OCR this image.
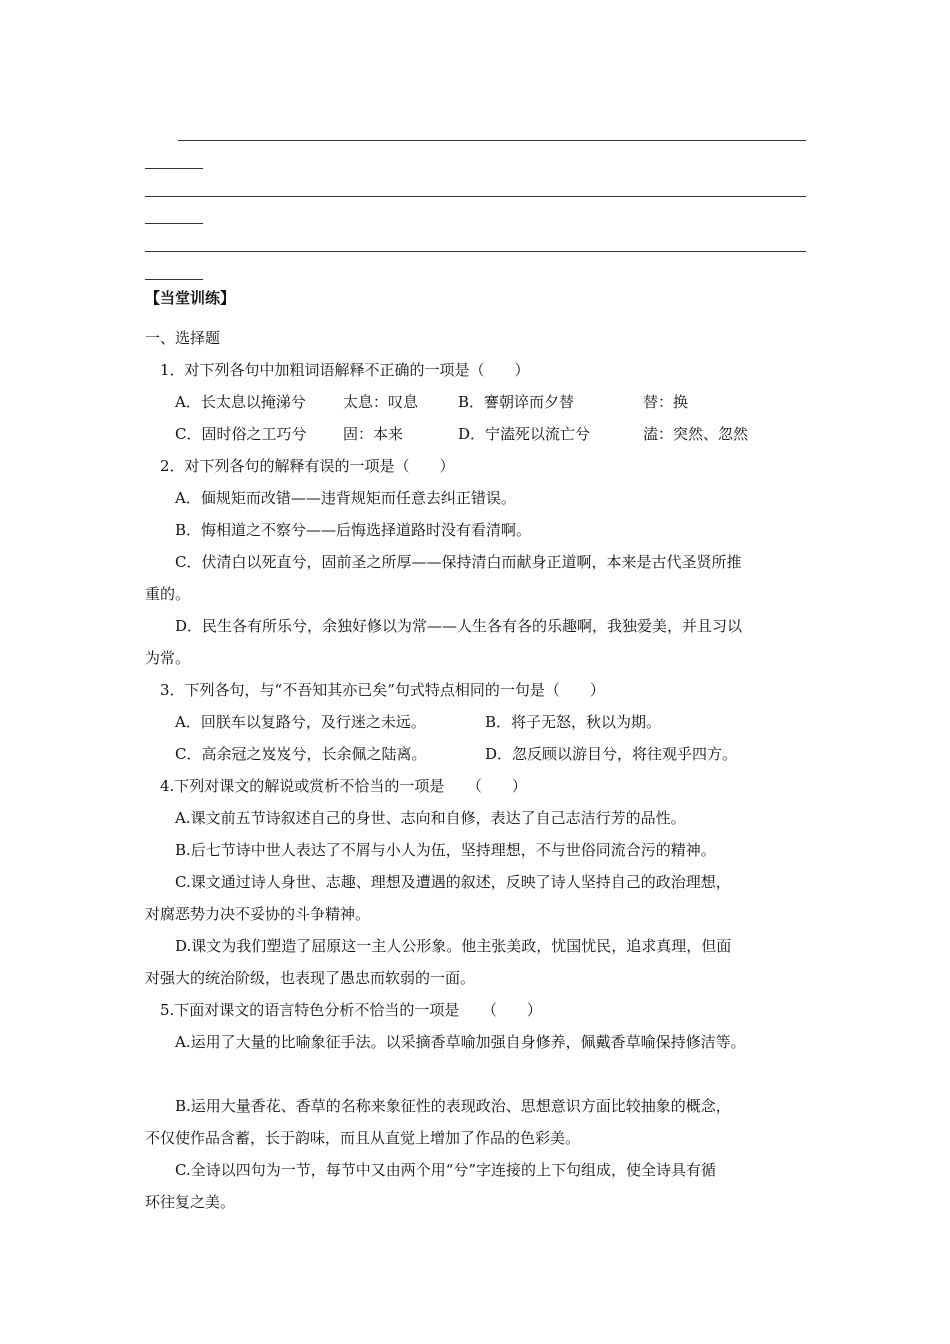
【当堂训练】
一、选择题
1．对下列各句中加粗词语解释不正确的一项是（　　）
A．长太息以掩涕兮 太息：叹息	B．謇朝谇而夕替	替：换
C．固时俗之工巧兮 固：本来	D．宁溘死以流亡兮	溘：突然、忽然
2．对下列各句的解释有误的一项是（　　）
A．偭规矩而改错——违背规矩而任意去纠正错误。
B．悔相道之不察兮——后悔选择道路时没有看清啊。
C．伏清白以死直兮，固前圣之所厚——保持清白而献身正道啊，本来是古代圣贤所推
重的。
D．民生各有所乐兮，余独好修以为常——人生各有各的乐趣啊，我独爱美，并且习以
为常。
3．下列各句，与“不吾知其亦已矣”句式特点相同的一句是（　　）
A．回朕车以复路兮，及行迷之未远。	B．将子无怒，秋以为期。
C．高余冠之岌岌兮，长余佩之陆离。	D．忽反顾以游目兮，将往观乎四方。
4.下列对课文的解说或赏析不恰当的一项是　　（　　）
A.课文前五节诗叙述自己的身世、志向和自修，表达了自己志洁行芳的品性。
B.后七节诗中世人表达了不屑与小人为伍，坚持理想，不与世俗同流合污的精神。
C.课文通过诗人身世、志趣、理想及遭遇的叙述，反映了诗人坚持自己的政治理想，
对腐恶势力决不妥协的斗争精神。
D.课文为我们塑造了屈原这一主人公形象。他主张美政，忧国忧民，追求真理，但面
对强大的统治阶级，也表现了愚忠而软弱的一面。
5.下面对课文的语言特色分析不恰当的一项是　　（　　）
A.运用了大量的比喻象征手法。以采摘香草喻加强自身修养，佩戴香草喻保持修洁等。
B.运用大量香花、香草的名称来象征性的表现政治、思想意识方面比较抽象的概念，
不仅使作品含蓄，长于韵味，而且从直觉上增加了作品的色彩美。
C.全诗以四句为一节，每节中又由两个用“兮”字连接的上下句组成，使全诗具有循
环往复之美。
